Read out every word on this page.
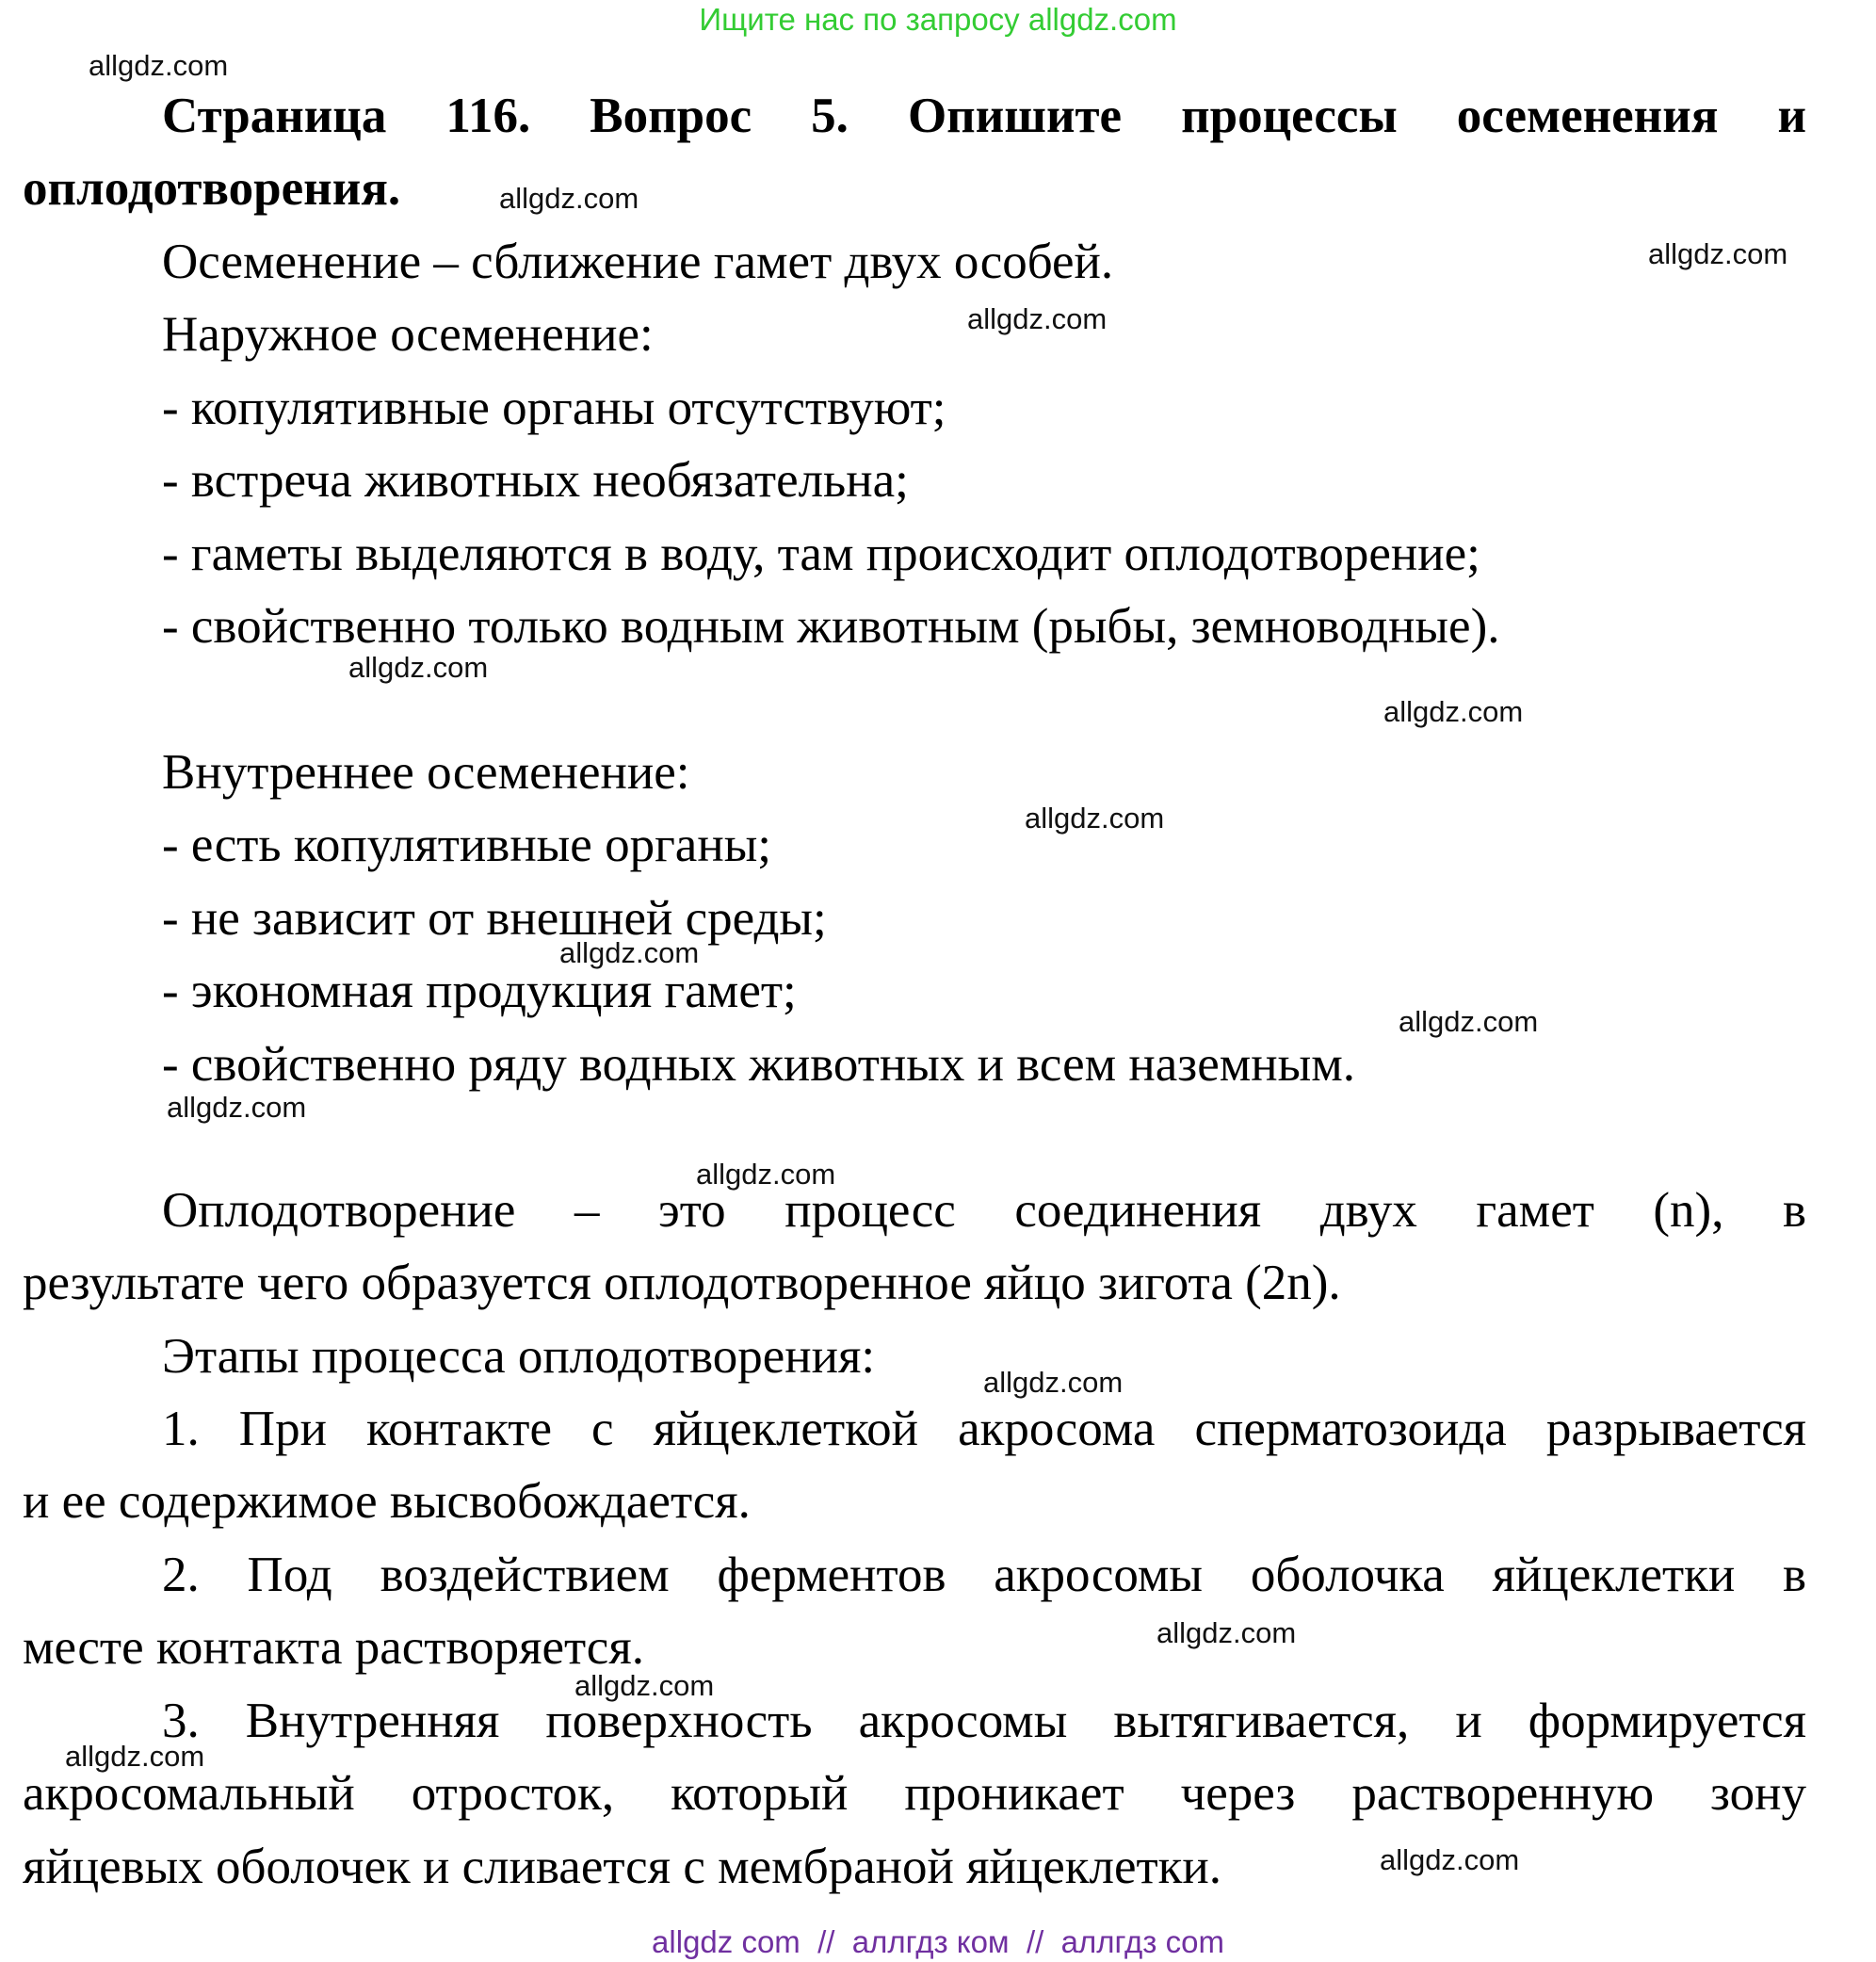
Ищите нас по запросу allgdz.com
Страница 116. Вопрос 5. Опишите процессы осеменения и
оплодотворения.
Осеменение – сближение гамет двух особей.
Наружное осеменение:
- копулятивные органы отсутствуют;
- встреча животных необязательна;
- гаметы выделяются в воду, там происходит оплодотворение;
- свойственно только водным животным (рыбы, земноводные).
Внутреннее осеменение:
- есть копулятивные органы;
- не зависит от внешней среды;
- экономная продукция гамет;
- свойственно ряду водных животных и всем наземным.
Оплодотворение – это процесс соединения двух гамет (n), в
результате чего образуется оплодотворенное яйцо зигота (2n).
Этапы процесса оплодотворения:
1. При контакте с яйцеклеткой акросома сперматозоида разрывается
и ее содержимое высвобождается.
2. Под воздействием ферментов акросомы оболочка яйцеклетки в
месте контакта растворяется.
3. Внутренняя поверхность акросомы вытягивается, и формируется
акросомальный отросток, который проникает через растворенную зону
яйцевых оболочек и сливается с мембраной яйцеклетки.
allgdz.com
allgdz.com
allgdz.com
allgdz.com
allgdz.com
allgdz.com
allgdz.com
allgdz.com
allgdz.com
allgdz.com
allgdz.com
allgdz.com
allgdz.com
allgdz.com
allgdz.com
allgdz.com
allgdz com  //  аллгдз ком  //  аллгдз com
